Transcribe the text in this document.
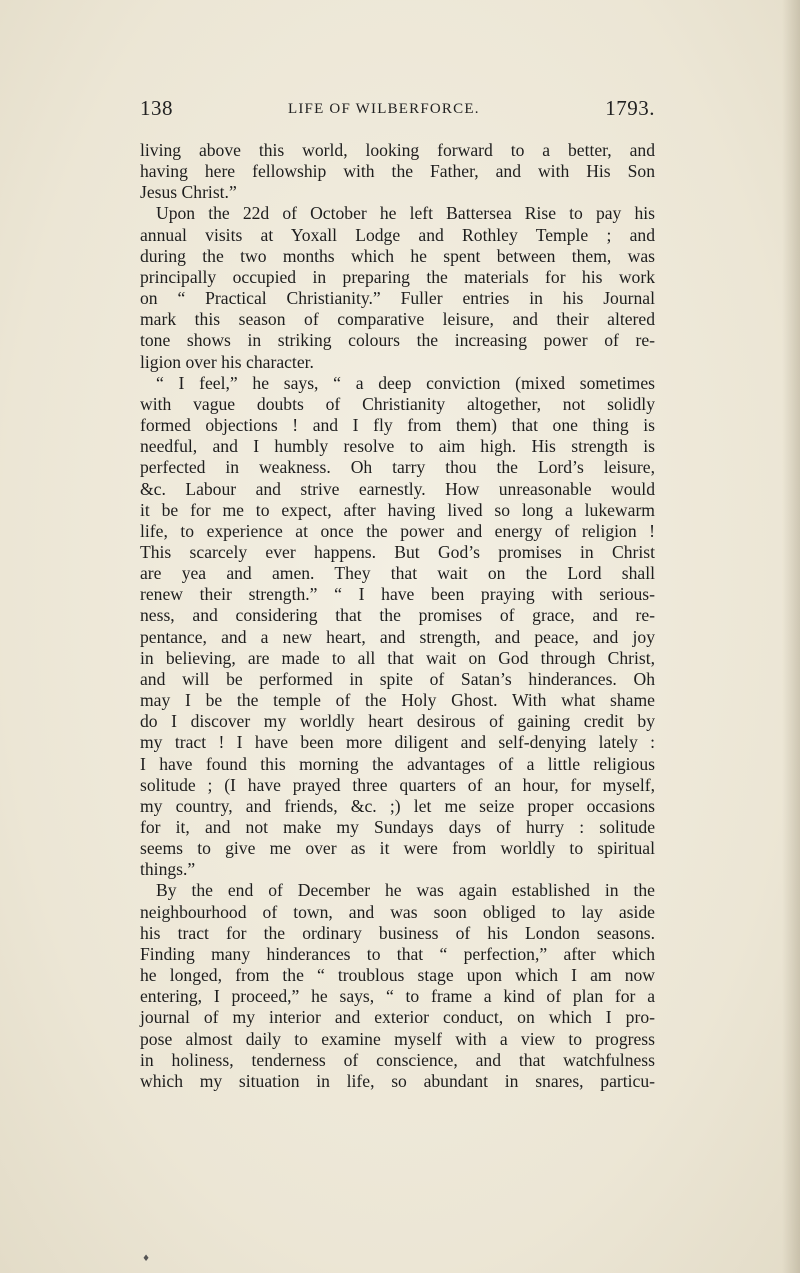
138	LIFE OF WILBERFORCE.	1793.
living above this world, looking forward to a better, and
having here fellowship with the Father, and with His Son
Jesus Christ.”
Upon the 22d of October he left Battersea Rise to pay his
annual visits at Yoxall Lodge and Rothley Temple ; and
during the two months which he spent between them, was
principally occupied in preparing the materials for his work
on “ Practical Christianity.” Fuller entries in his Journal
mark this season of comparative leisure, and their altered
tone shows in striking colours the increasing power of re-
ligion over his character.
“ I feel,” he says, “ a deep conviction (mixed sometimes
with vague doubts of Christianity altogether, not solidly
formed objections ! and I fly from them) that one thing is
needful, and I humbly resolve to aim high. His strength is
perfected in weakness. Oh tarry thou the Lord’s leisure,
&c. Labour and strive earnestly. How unreasonable would
it be for me to expect, after having lived so long a lukewarm
life, to experience at once the power and energy of religion !
This scarcely ever happens. But God’s promises in Christ
are yea and amen. They that wait on the Lord shall
renew their strength.” “ I have been praying with serious-
ness, and considering that the promises of grace, and re-
pentance, and a new heart, and strength, and peace, and joy
in believing, are made to all that wait on God through Christ,
and will be performed in spite of Satan’s hinderances. Oh
may I be the temple of the Holy Ghost. With what shame
do I discover my worldly heart desirous of gaining credit by
my tract ! I have been more diligent and self-denying lately :
I have found this morning the advantages of a little religious
solitude ; (I have prayed three quarters of an hour, for myself,
my country, and friends, &c. ;) let me seize proper occasions
for it, and not make my Sundays days of hurry : solitude
seems to give me over as it were from worldly to spiritual
things.”
By the end of December he was again established in the
neighbourhood of town, and was soon obliged to lay aside
his tract for the ordinary business of his London seasons.
Finding many hinderances to that “ perfection,” after which
he longed, from the “ troublous stage upon which I am now
entering, I proceed,” he says, “ to frame a kind of plan for a
journal of my interior and exterior conduct, on which I pro-
pose almost daily to examine myself with a view to progress
in holiness, tenderness of conscience, and that watchfulness
which my situation in life, so abundant in snares, particu-
♦
